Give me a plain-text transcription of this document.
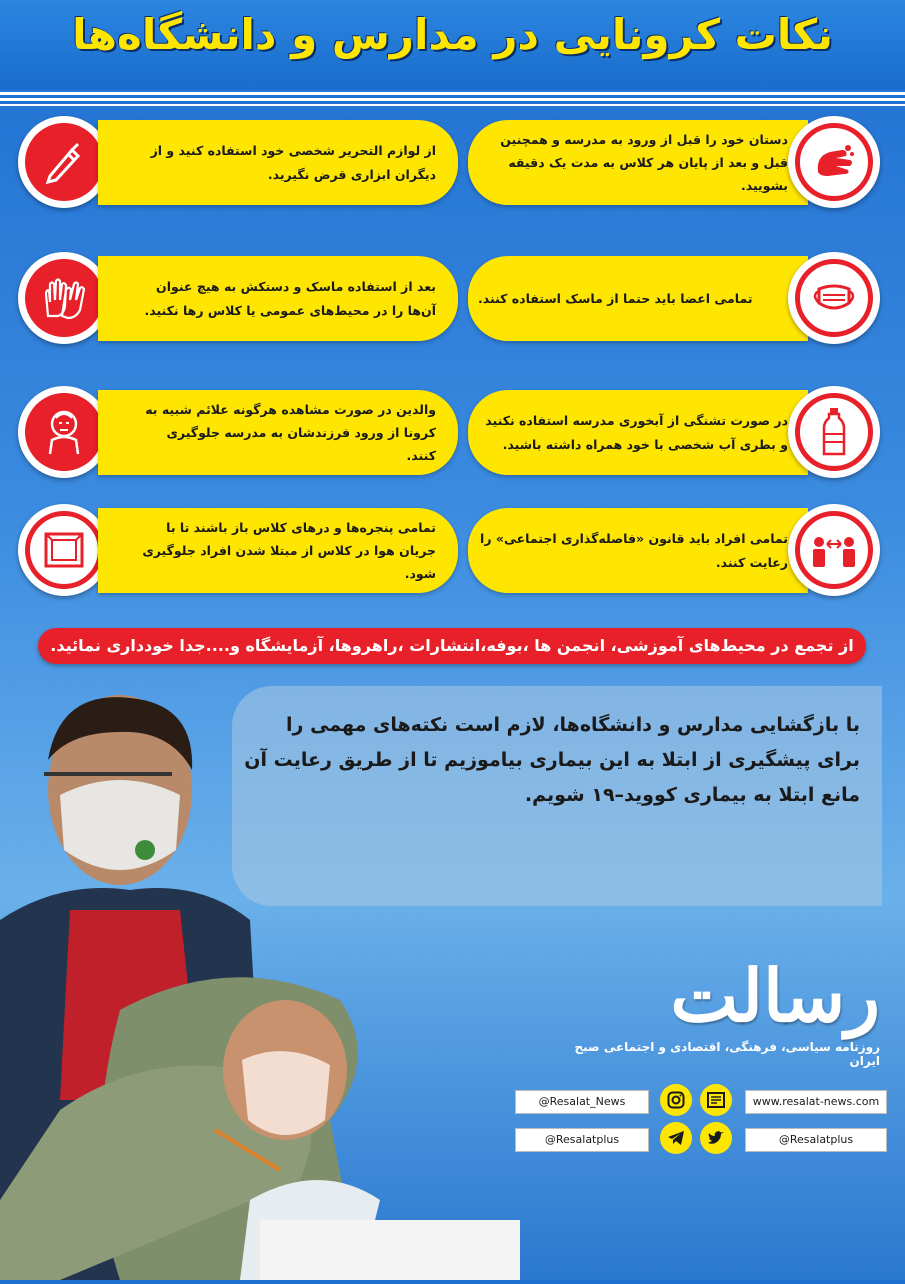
نکات کرونایی در مدارس و دانشگاه‌ها
دستان خود را قبل از ورود به مدرسه و همچنین قبل و بعد از پایان هر کلاس به مدت یک دقیقه بشویید.
تمامی اعضا باید حتما از ماسک استفاده کنند.
در صورت تشنگی از آبخوری مدرسه استفاده نکنید و بطری آب شخصی با خود همراه داشته باشید.
تمامی افراد باید قانون «فاصله‌گذاری اجتماعی» را رعایت کنند.
از لوازم التحریر شخصی خود استفاده کنید و از دیگران ابزاری قرض نگیرید.
بعد از استفاده ماسک و دستکش به هیچ عنوان آن‌ها را در محیط‌های عمومی یا کلاس رها نکنید.
والدین در صورت مشاهده هرگونه علائم شبیه به کرونا از ورود فرزندشان به مدرسه جلوگیری کنند.
تمامی پنجره‌ها و درهای کلاس باز باشند تا با جریان هوا در کلاس از مبتلا شدن افراد جلوگیری شود.
از تجمع در محیط‌های آموزشی، انجمن ها ،بوفه،انتشارات ،راهروها، آزمایشگاه و....جدا خودداری نمائید.

با بازگشایی مدارس و دانشگاه‌ها، لازم است نکته‌های مهمی را برای پیشگیری از ابتلا به این بیماری بیاموزیم تا از طریق رعایت آن مانع ابتلا به بیماری کووید–۱۹ شویم.

رسالت
روزنامه سیاسی، فرهنگی، اقتصادی و اجتماعی صبح ایران
@Resalat_News	www.resalat-news.com
@Resalatplus	@Resalatplus
